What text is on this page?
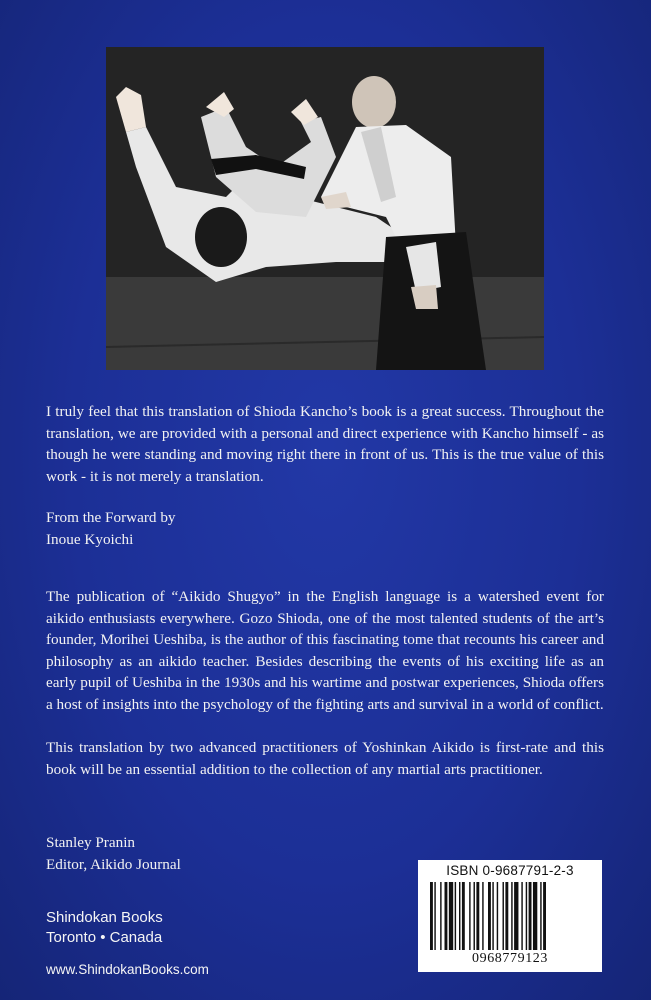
I truly feel that this translation of Shioda Kancho’s book is a great success. Throughout the translation, we are provided with a personal and direct experience with Kancho himself - as though he were standing and moving right there in front of us. This is the true value of this work - it is not merely a translation.

From the Forward by

Inoue Kyoichi

The publication of “Aikido Shugyo” in the English language is a watershed event for aikido enthusiasts everywhere. Gozo Shioda, one of the most talented students of the art’s founder, Morihei Ueshiba, is the author of this fascinating tome that recounts his career and philosophy as an aikido teacher. Besides describing the events of his exciting life as an early pupil of Ueshiba in the 1930s and his wartime and postwar experiences, Shioda offers a host of insights into the psychology of the fighting arts and survival in a world of conflict.

This translation by two advanced practitioners of Yoshinkan Aikido is first-rate and this book will be an essential addition to the collection of any martial arts practitioner.

Stanley Pranin

Editor, Aikido Journal

Shindokan Books
Toronto • Canada
www.ShindokanBooks.com
ISBN 0-9687791-2-3
0968779123
